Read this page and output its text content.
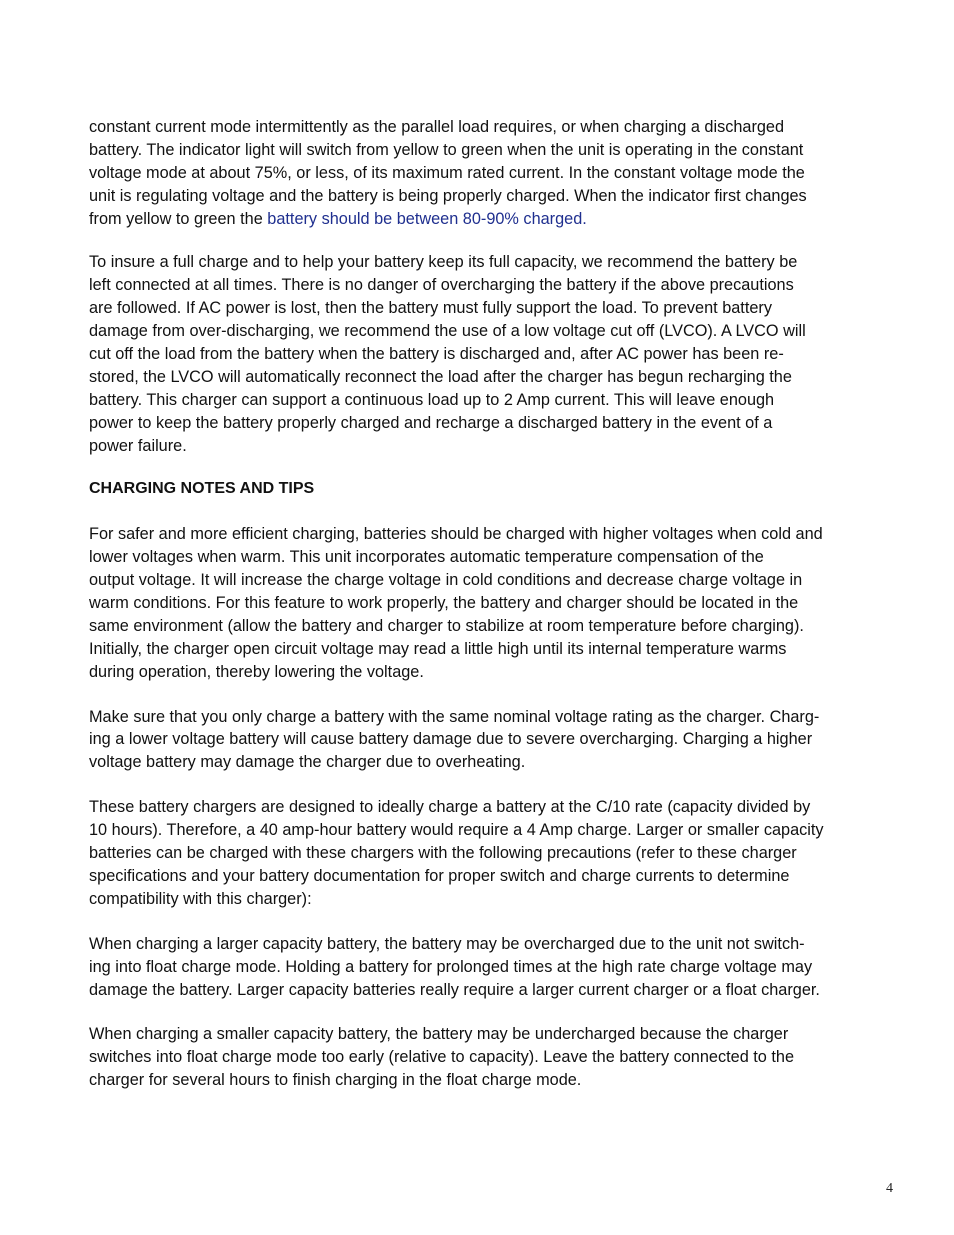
constant current mode intermittently as the parallel load requires, or when charging a discharged
battery. The indicator light will switch from yellow to green when the unit is operating in the constant
voltage mode at about 75%, or less, of its maximum rated current. In the constant voltage mode the
unit is regulating voltage and the battery is being properly charged. When the indicator first changes
from yellow to green the battery should be between 80-90% charged.
To insure a full charge and to help your battery keep its full capacity, we recommend the battery be
left connected at all times. There is no danger of overcharging the battery if the above precautions
are followed. If AC power is lost, then the battery must fully support the load. To prevent battery
damage from over-discharging, we recommend the use of a low voltage cut off (LVCO). A LVCO will
cut off the load from the battery when the battery is discharged and, after AC power has been re-
stored, the LVCO will automatically reconnect the load after the charger has begun recharging the
battery. This charger can support a continuous load up to 2 Amp current. This will leave enough
power to keep the battery properly charged and recharge a discharged battery in the event of a
power failure.
CHARGING NOTES AND TIPS
For safer and more efficient charging, batteries should be charged with higher voltages when cold and
lower voltages when warm. This unit incorporates automatic temperature compensation of the
output voltage. It will increase the charge voltage in cold conditions and decrease charge voltage in
warm conditions. For this feature to work properly, the battery and charger should be located in the
same environment (allow the battery and charger to stabilize at room temperature before charging).
Initially, the charger open circuit voltage may read a little high until its internal temperature warms
during operation, thereby lowering the voltage.
Make sure that you only charge a battery with the same nominal voltage rating as the charger. Charg-
ing a lower voltage battery will cause battery damage due to severe overcharging. Charging a higher
voltage battery may damage the charger due to overheating.
These battery chargers are designed to ideally charge a battery at the C/10 rate (capacity divided by
10 hours). Therefore, a 40 amp-hour battery would require a 4 Amp charge. Larger or smaller capacity
batteries can be charged with these chargers with the following precautions (refer to these charger
specifications and your battery documentation for proper switch and charge currents to determine
compatibility with this charger):
When charging a larger capacity battery, the battery may be overcharged due to the unit not switch-
ing into float charge mode. Holding a battery for prolonged times at the high rate charge voltage may
damage the battery. Larger capacity batteries really require a larger current charger or a float charger.
When charging a smaller capacity battery, the battery may be undercharged because the charger
switches into float charge mode too early (relative to capacity). Leave the battery connected to the
charger for several hours to finish charging in the float charge mode.
4
